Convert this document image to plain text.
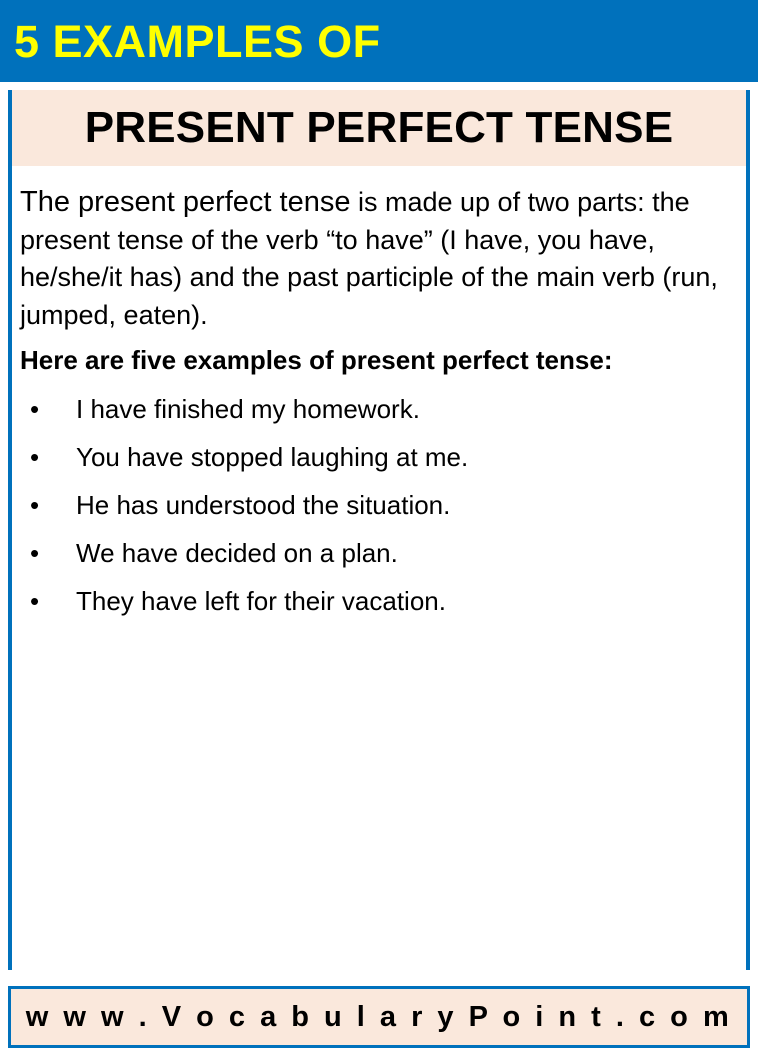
5 EXAMPLES OF
PRESENT PERFECT TENSE

The present perfect tense is made up of two parts: the present tense of the verb “to have” (I have, you have, he/she/it has) and the past participle of the main verb (run, jumped, eaten).

Here are five examples of present perfect tense:

• I have finished my homework.
• You have stopped laughing at me.
• He has understood the situation.
• We have decided on a plan.
• They have left for their vacation.
w w w . V o c a b u l a r y P o i n t . c o m
